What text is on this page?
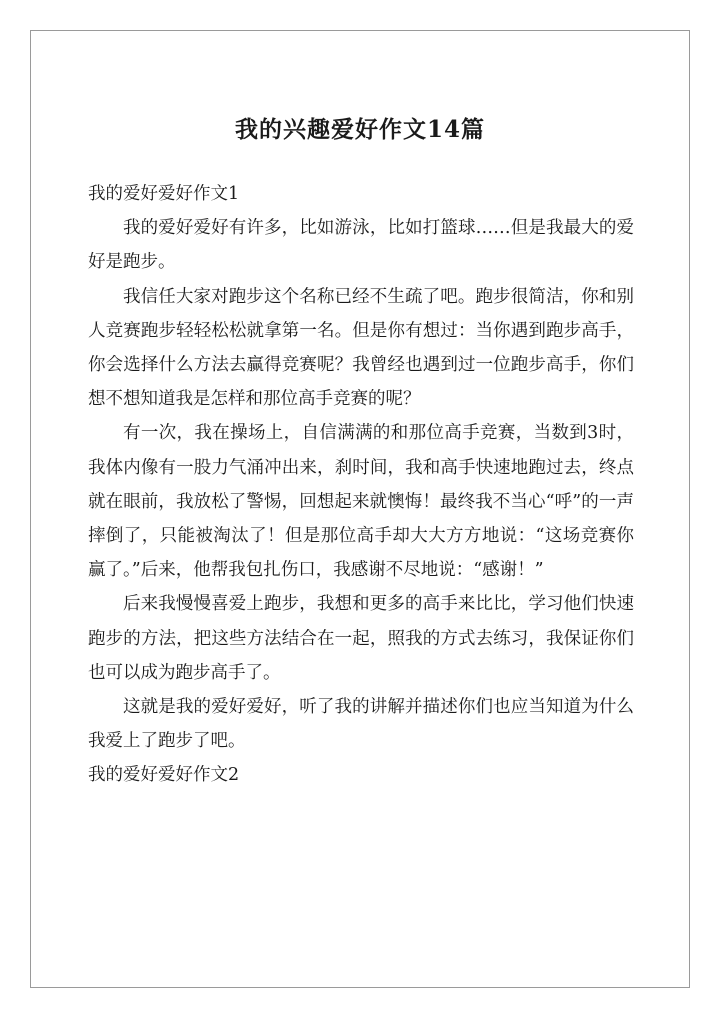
我的兴趣爱好作文14篇
我的爱好爱好作文1

我的爱好爱好有许多，比如游泳，比如打篮球……但是我最大的爱好是跑步。

我信任大家对跑步这个名称已经不生疏了吧。跑步很简洁，你和别人竞赛跑步轻轻松松就拿第一名。但是你有想过：当你遇到跑步高手，你会选择什么方法去赢得竞赛呢？我曾经也遇到过一位跑步高手，你们想不想知道我是怎样和那位高手竞赛的呢？

有一次，我在操场上，自信满满的和那位高手竞赛，当数到3时，我体内像有一股力气涌冲出来，刹时间，我和高手快速地跑过去，终点就在眼前，我放松了警惕，回想起来就懊悔！最终我不当心“呼”的一声摔倒了，只能被淘汰了！但是那位高手却大大方方地说：“这场竞赛你赢了。”后来，他帮我包扎伤口，我感谢不尽地说：“感谢！”

后来我慢慢喜爱上跑步，我想和更多的高手来比比，学习他们快速跑步的方法，把这些方法结合在一起，照我的方式去练习，我保证你们也可以成为跑步高手了。

这就是我的爱好爱好，听了我的讲解并描述你们也应当知道为什么我爱上了跑步了吧。

我的爱好爱好作文2
